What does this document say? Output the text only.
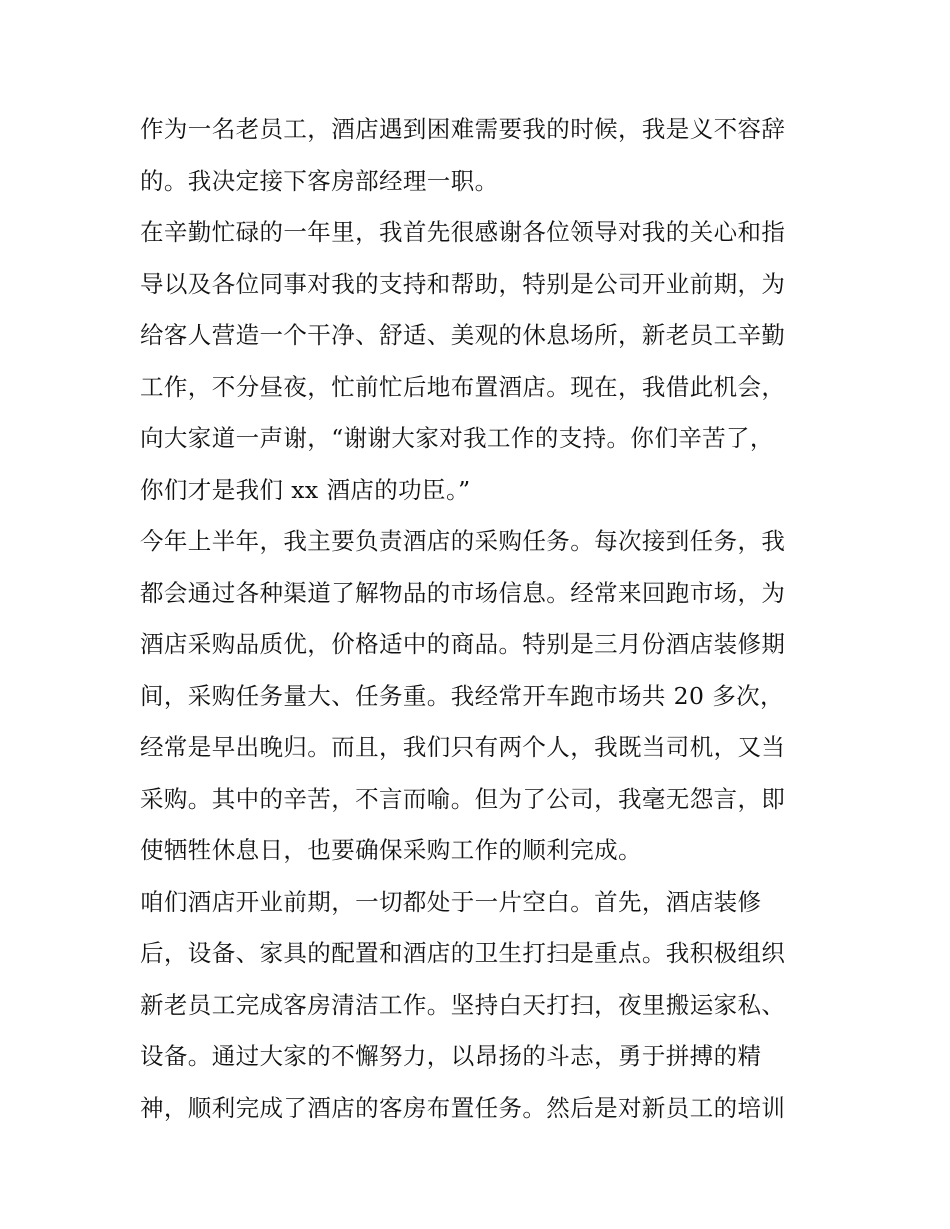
作为一名老员工，酒店遇到困难需要我的时候，我是义不容辞
的。我决定接下客房部经理一职。
在辛勤忙碌的一年里，我首先很感谢各位领导对我的关心和指
导以及各位同事对我的支持和帮助，特别是公司开业前期，为
给客人营造一个干净、舒适、美观的休息场所，新老员工辛勤
工作，不分昼夜，忙前忙后地布置酒店。现在，我借此机会，
向大家道一声谢，“谢谢大家对我工作的支持。你们辛苦了，
你们才是我们 xx 酒店的功臣。”
今年上半年，我主要负责酒店的采购任务。每次接到任务，我
都会通过各种渠道了解物品的市场信息。经常来回跑市场，为
酒店采购品质优，价格适中的商品。特别是三月份酒店装修期
间，采购任务量大、任务重。我经常开车跑市场共 20 多次，
经常是早出晚归。而且，我们只有两个人，我既当司机，又当
采购。其中的辛苦，不言而喻。但为了公司，我毫无怨言，即
使牺牲休息日，也要确保采购工作的顺利完成。
咱们酒店开业前期，一切都处于一片空白。首先，酒店装修
后，设备、家具的配置和酒店的卫生打扫是重点。我积极组织
新老员工完成客房清洁工作。坚持白天打扫，夜里搬运家私、
设备。通过大家的不懈努力，以昂扬的斗志，勇于拼搏的精
神，顺利完成了酒店的客房布置任务。然后是对新员工的培训
